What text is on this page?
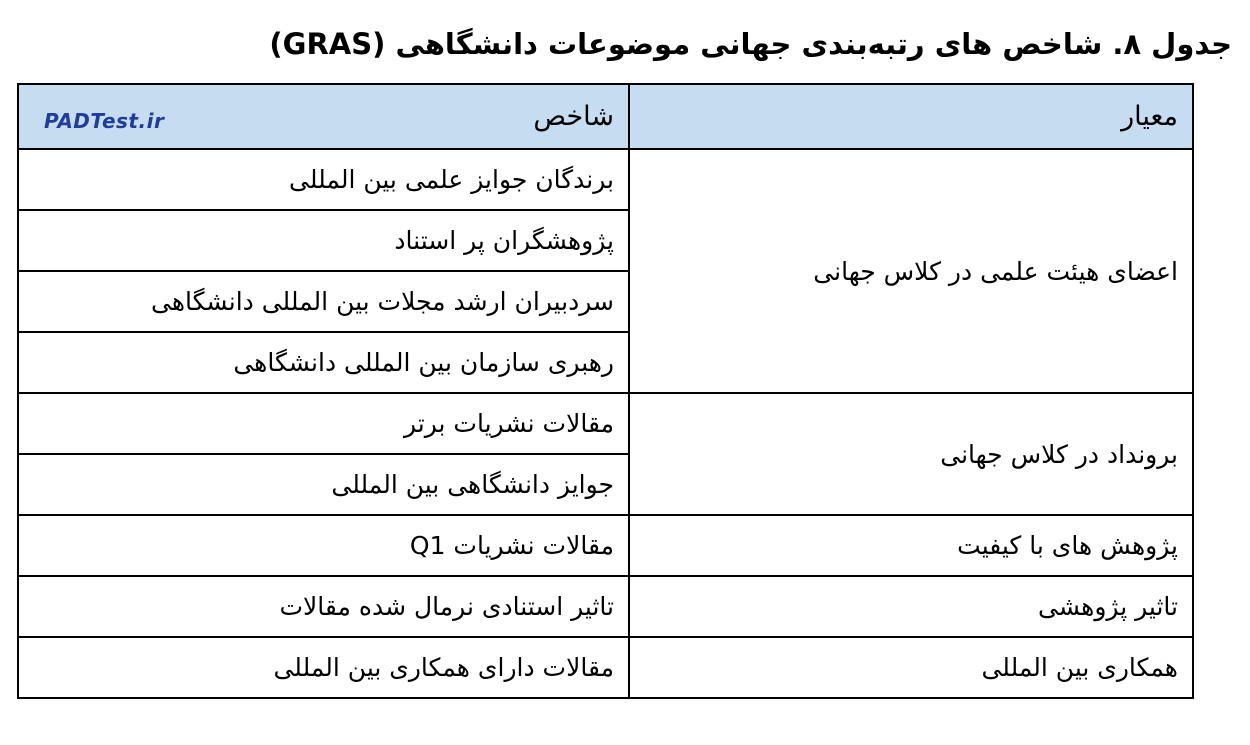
جدول ۸. شاخص های رتبه‌بندی جهانی موضوعات دانشگاهی (GRAS)
معیار	شاخص
اعضای هیئت علمی در کلاس جهانی	برندگان جوایز علمی بین المللی
	پژوهشگران پر استناد
	سردبیران ارشد مجلات بین المللی دانشگاهی
	رهبری سازمان بین المللی دانشگاهی
برونداد در کلاس جهانی	مقالات نشریات برتر
	جوایز دانشگاهی بین المللی
پژوهش های با کیفیت	مقالات نشریات Q1
تاثیر پژوهشی	تاثیر استنادی نرمال شده مقالات
همکاری بین المللی	مقالات دارای همکاری بین المللی
PADTest.ir
